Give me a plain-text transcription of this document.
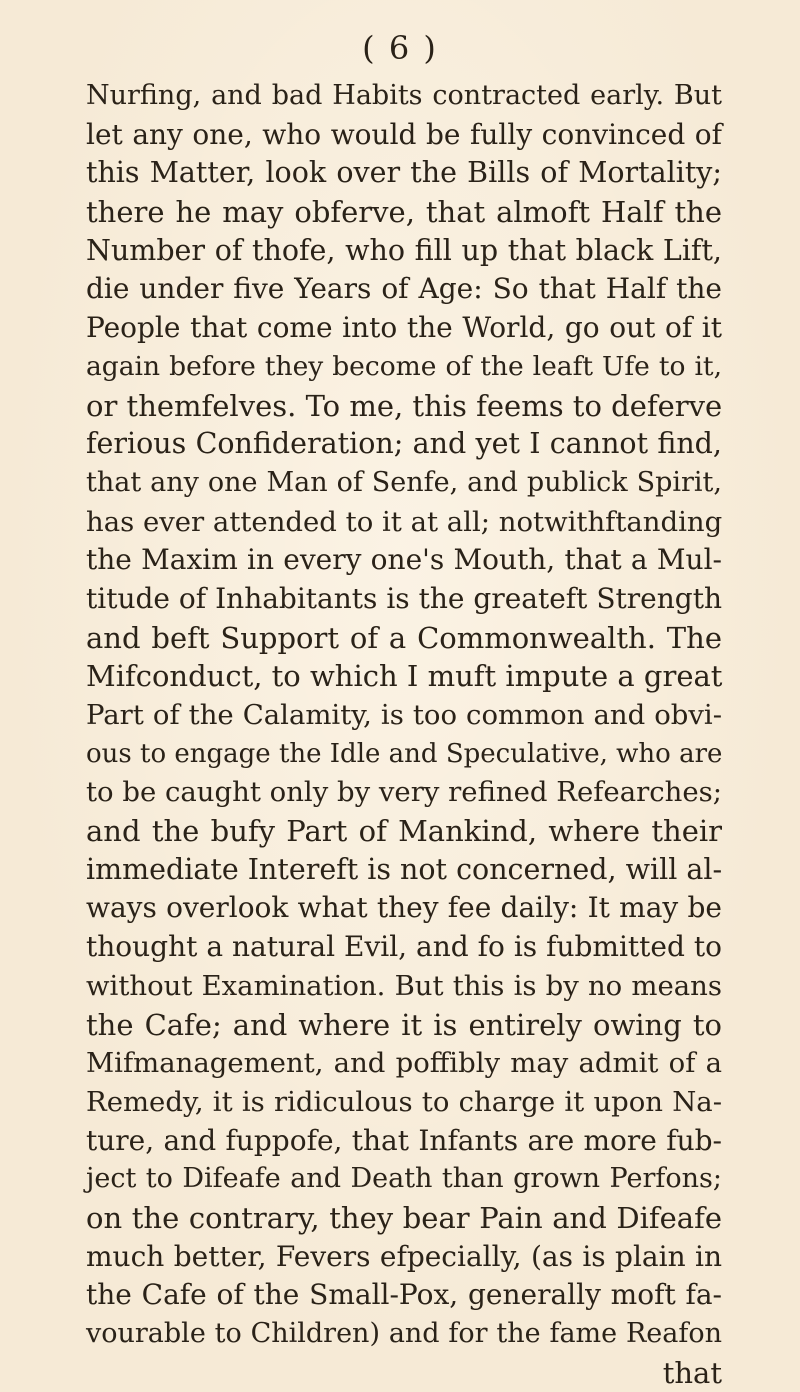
( 6 )
Nurfing, and bad Habits contracted early. But
let any one, who would be fully convinced of
this Matter, look over the Bills of Mortality;
there he may obferve, that almoft Half the
Number of thofe, who fill up that black Lift,
die under five Years of Age: So that Half the
People that come into the World, go out of it
again before they become of the leaft Ufe to it,
or themfelves. To me, this feems to deferve
ferious Confideration; and yet I cannot find,
that any one Man of Senfe, and publick Spirit,
has ever attended to it at all; notwithftanding
the Maxim in every one's Mouth, that a Mul-
titude of Inhabitants is the greateft Strength
and beft Support of a Commonwealth. The
Mifconduct, to which I muft impute a great
Part of the Calamity, is too common and obvi-
ous to engage the Idle and Speculative, who are
to be caught only by very refined Refearches;
and the bufy Part of Mankind, where their
immediate Intereft is not concerned, will al-
ways overlook what they fee daily: It may be
thought a natural Evil, and fo is fubmitted to
without Examination. But this is by no means
the Cafe; and where it is entirely owing to
Mifmanagement, and poffibly may admit of a
Remedy, it is ridiculous to charge it upon Na-
ture, and fuppofe, that Infants are more fub-
ject to Difeafe and Death than grown Perfons;
on the contrary, they bear Pain and Difeafe
much better, Fevers efpecially, (as is plain in
the Cafe of the Small-Pox, generally moft fa-
vourable to Children) and for the fame Reafon
that
